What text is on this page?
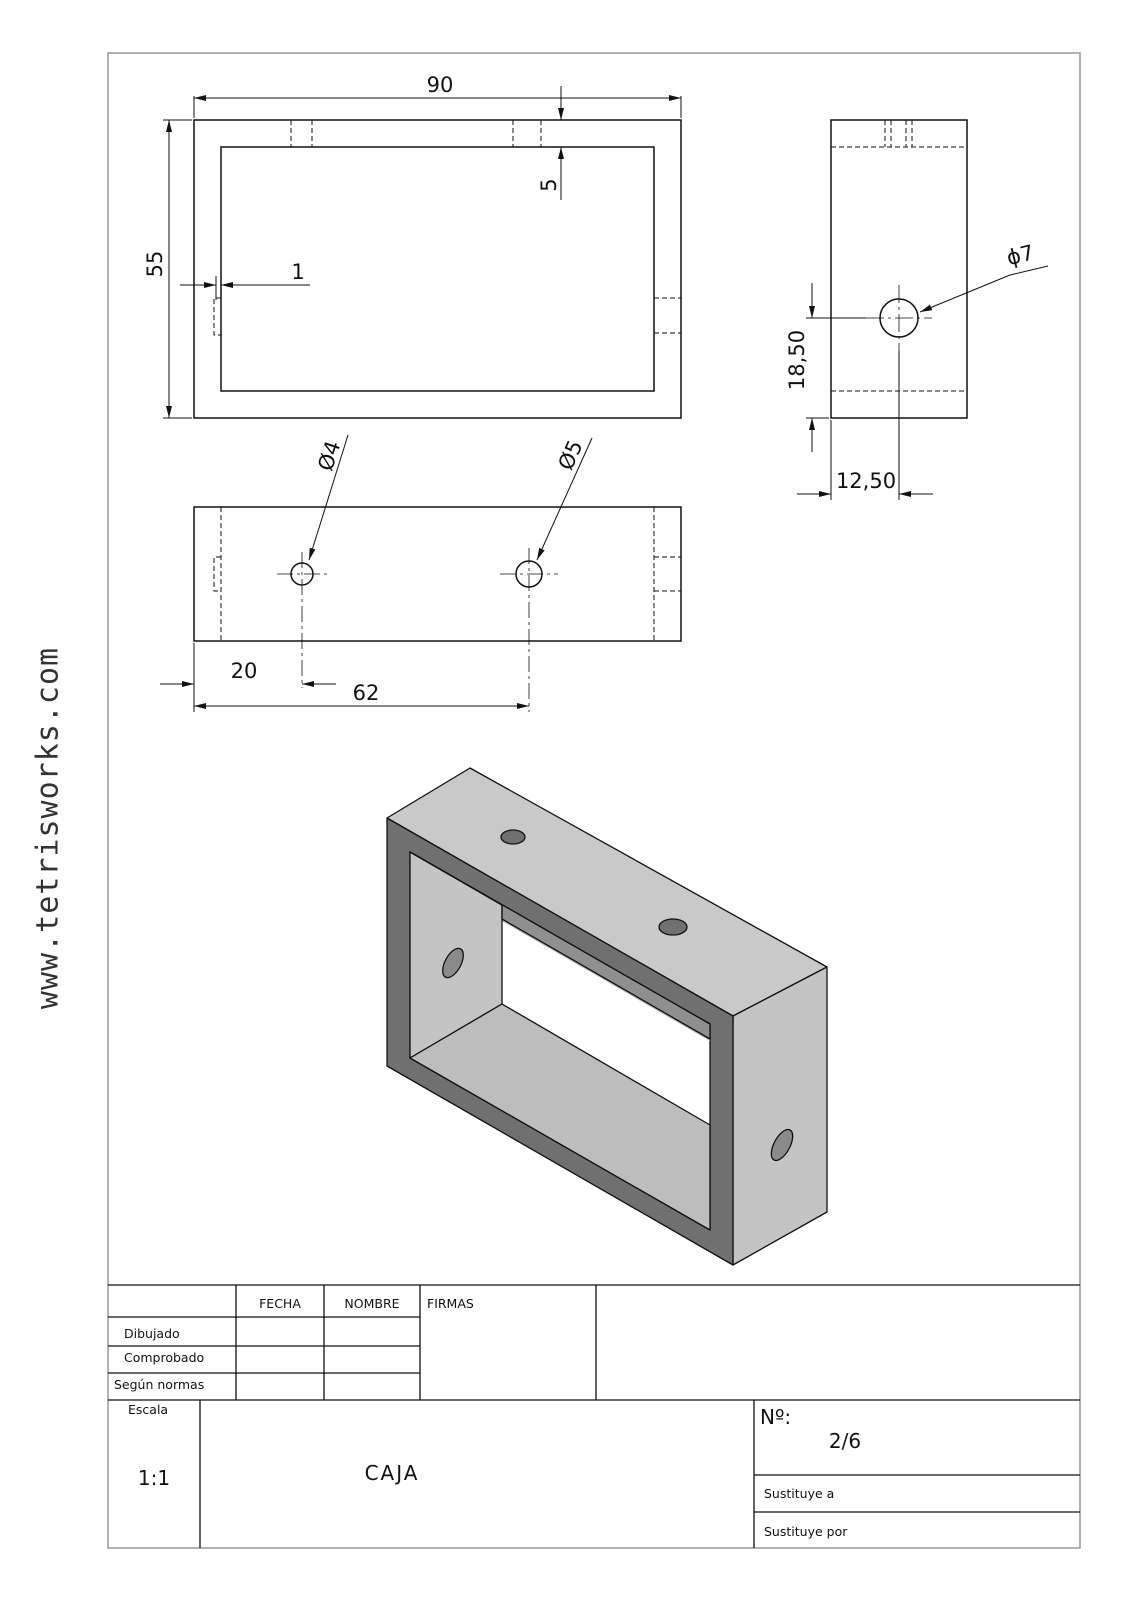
www.tetrisworks.com
90
5
55	1
ϕ7
18,50
12,50
Ø4	Ø5
20
62
FECHA	NOMBRE FIRMAS
Dibujado
Comprobado
Según normas
Escala
1:1	CAJA
Nº:
2/6
Sustituye a
Sustituye por
